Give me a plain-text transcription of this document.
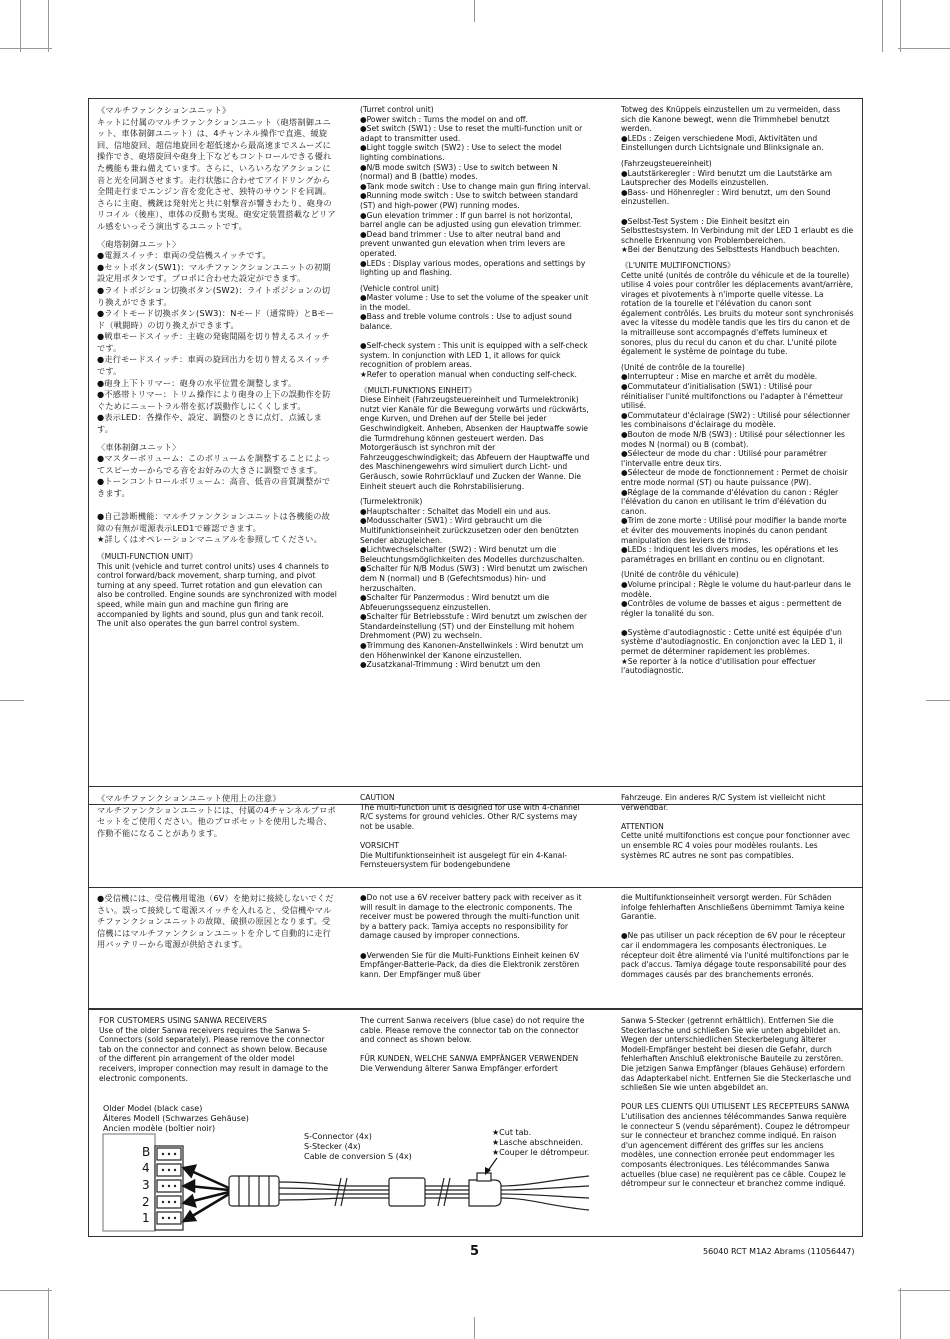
《マルチファンクションユニット》
キットに付属のマルチファンクションユニット（砲塔制御ユニット、車体制御ユニット）は、4チャンネル操作で直進、緩旋回、信地旋回、超信地旋回を超低速から最高速までスムーズに操作でき、砲塔旋回や砲身上下などもコントロールできる優れた機能も兼ね備えています。さらに、いろいろなアクションに音と光を同調させます。走行状態に合わせてアイドリングから全開走行までエンジン音を変化させ、独特のサウンドを同調。さらに主砲、機銃は発射光と共に射撃音が響きわたり、砲身のリコイル（後座）、車体の反動も実現。砲安定装置搭載などリアル感をいっそう演出するユニットです。

〈砲塔制御ユニット〉
●電源スイッチ：車両の受信機スイッチです。
●セットボタン(SW1)：マルチファンクションユニットの初期設定用ボタンです。プロポに合わせた設定ができます。
●ライトポジション切換ボタン(SW2)：ライトポジションの切り換えができます。
●ライトモード切換ボタン(SW3)：Nモード（通常時）とBモード（戦闘時）の切り換えができます。
●戦車モードスイッチ：主砲の発砲間隔を切り替えるスイッチです。
●走行モードスイッチ：車両の旋回出力を切り替えるスイッチです。
●砲身上下トリマー：砲身の水平位置を調整します。
●不感帯トリマー：トリム操作により砲身の上下の誤動作を防ぐためにニュートラル帯を拡げ誤動作しにくくします。
●表示LED：各操作や、設定、調整のときに点灯、点滅します。

〈車体制御ユニット〉
●マスターボリューム：このボリュームを調整することによってスピーカーからでる音をお好みの大きさに調整できます。
●トーンコントロールボリューム：高音、低音の音質調整ができます。

●自己診断機能：マルチファンクションユニットは各機能の故障の有無が電源表示LED1で確認できます。
★詳しくはオペレーションマニュアルを参照してください。

《MULTI-FUNCTION UNIT》
This unit (vehicle and turret control units) uses 4 channels to control forward/back movement, sharp turning, and pivot turning at any speed. Turret rotation and gun elevation can also be controlled. Engine sounds are synchronized with model speed, while main gun and machine gun firing are accompanied by lights and sound, plus gun and tank recoil. The unit also operates the gun barrel control system.

(Turret control unit)
●Power switch : Turns the model on and off.
●Set switch (SW1) : Use to reset the multi-function unit or adapt to transmitter used.
●Light toggle switch (SW2) : Use to select the model lighting combinations.
●N/B mode switch (SW3) : Use to switch between N (normal) and B (battle) modes.
●Tank mode switch : Use to change main gun firing interval.
●Running mode switch : Use to switch between standard (ST) and high-power (PW) running modes.
●Gun elevation trimmer : If gun barrel is not horizontal, barrel angle can be adjusted using gun elevation trimmer.
●Dead band trimmer : Use to alter neutral band and prevent unwanted gun elevation when trim levers are operated.
●LEDs : Display various modes, operations and settings by lighting up and flashing.

(Vehicle control unit)
●Master volume : Use to set the volume of the speaker unit in the model.
●Bass and treble volume controls : Use to adjust sound balance.

●Self-check system : This unit is equipped with a self-check system. In conjunction with LED 1, it allows for quick recognition of problem areas.
★Refer to operation manual when conducting self-check.

《MULTI-FUNKTIONS EINHEIT》
Diese Einheit (Fahrzeugsteuereinheit und Turmelektronik) nutzt vier Kanäle für die Bewegung vorwärts und rückwärts, enge Kurven, und Drehen auf der Stelle bei jeder Geschwindigkeit. Anheben, Absenken der Hauptwaffe sowie die Turmdrehung können gesteuert werden. Das Motorgeräusch ist synchron mit der Fahrzeuggeschwindigkeit; das Abfeuern der Hauptwaffe und des Maschinengewehrs wird simuliert durch Licht- und Geräusch, sowie Rohrrücklauf und Zucken der Wanne. Die Einheit steuert auch die Rohrstabilisierung.

(Turmelektronik)
●Hauptschalter : Schaltet das Modell ein und aus.
●Modusschalter (SW1) : Wird gebraucht um die Multifunktionseinheit zurückzusetzen oder den benützten Sender abzugleichen.
●Lichtwechselschalter (SW2) : Wird benutzt um die Beleuchtungsmöglichkeiten des Modelles durchzuschalten.
●Schalter für N/B Modus (SW3) : Wird benutzt um zwischen dem N (normal) und B (Gefechtsmodus) hin- und herzuschalten.
●Schalter für Panzermodus : Wird benutzt um die Abfeuerungssequenz einzustellen.
●Schalter für Betriebsstufe : Wird benutzt um zwischen der Standardeinstellung (ST) und der Einstellung mit hohem Drehmoment (PW) zu wechseln.
●Trimmung des Kanonen-Anstellwinkels : Wird benutzt um den Höhenwinkel der Kanone einzustellen.
●Zusatzkanal-Trimmung : Wird benutzt um den

Totweg des Knüppels einzustellen um zu vermeiden, dass sich die Kanone bewegt, wenn die Trimmhebel benutzt werden.
●LEDs : Zeigen verschiedene Modi, Aktivitäten und Einstellungen durch Lichtsignale und Blinksignale an.

(Fahrzeugsteuereinheit)
●Lautstärkeregler : Wird benutzt um die Lautstärke am Lautsprecher des Modells einzustellen.
●Bass- und Höhenregler : Wird benutzt, um den Sound einzustellen.

●Selbst-Test System : Die Einheit besitzt ein Selbsttestsystem. In Verbindung mit der LED 1 erlaubt es die schnelle Erkennung von Problembereichen.
★Bei der Benutzung des Selbsttests Handbuch beachten.

《L'UNITE MULTIFONCTIONS》
Cette unité (unités de contrôle du véhicule et de la tourelle) utilise 4 voies pour contrôler les déplacements avant/arrière, virages et pivotements à n'importe quelle vitesse. La rotation de la tourelle et l'élévation du canon sont également contrôlés. Les bruits du moteur sont synchronisés avec la vitesse du modèle tandis que les tirs du canon et de la mitrailleuse sont accompagnés d'effets lumineux et sonores, plus du recul du canon et du char. L'unité pilote également le système de pointage du tube.

(Unité de contrôle de la tourelle)
●Interrupteur : Mise en marche et arrêt du modèle.
●Commutateur d'initialisation (SW1) : Utilisé pour réinitialiser l'unité multifonctions ou l'adapter à l'émetteur utilisé.
●Commutateur d'éclairage (SW2) : Utilisé pour sélectionner les combinaisons d'éclairage du modèle.
●Bouton de mode N/B (SW3) : Utilisé pour sélectionner les modes N (normal) ou B (combat).
●Sélecteur de mode du char : Utilisé pour paramétrer l'intervalle entre deux tirs.
●Sélecteur de mode de fonctionnement : Permet de choisir entre mode normal (ST) ou haute puissance (PW).
●Réglage de la commande d'élévation du canon : Régler l'élévation du canon en utilisant le trim d'élévation du canon.
●Trim de zone morte : Utilisé pour modifier la bande morte et éviter des mouvements inopinés du canon pendant manipulation des leviers de trims.
●LEDs : Indiquent les divers modes, les opérations et les paramétrages en brillant en continu ou en clignotant.

(Unité de contrôle du véhicule)
●Volume principal : Règle le volume du haut-parleur dans le modèle.
●Contrôles de volume de basses et aigus : permettent de régler la tonalité du son.

●Système d'autodiagnostic : Cette unité est équipée d'un système d'autodiagnostic. En conjonction avec la LED 1, il permet de déterminer rapidement les problèmes.
★Se reporter à la notice d'utilisation pour effectuer l'autodiagnostic.

《マルチファンクションユニット使用上の注意》
マルチファンクションユニットには、付属の4チャンネルプロポセットをご使用ください。他のプロポセットを使用した場合、作動不能になることがあります。

CAUTION
The multi-function unit is designed for use with 4-channel R/C systems for ground vehicles. Other R/C systems may not be usable.

VORSICHT
Die Multifunktionseinheit ist ausgelegt für ein 4-Kanal-Fernsteuersystem für bodengebundene

Fahrzeuge. Ein anderes R/C System ist vielleicht nicht verwendbar.

ATTENTION
Cette unité multifonctions est conçue pour fonctionner avec un ensemble RC 4 voies pour modèles roulants. Les systèmes RC autres ne sont pas compatibles.

●受信機には、受信機用電池（6V）を絶対に接続しないでください。誤って接続して電源スイッチを入れると、受信機やマルチファンクションユニットの故障、破損の原因となります。受信機にはマルチファンクションユニットを介して自動的に走行用バッテリーから電源が供給されます。

●Do not use a 6V receiver battery pack with receiver as it will result in damage to the electronic components. The receiver must be powered through the multi-function unit by a battery pack. Tamiya accepts no responsibility for damage caused by improper connections.

●Verwenden Sie für die Multi-Funktions Einheit keinen 6V Empfänger-Batterie-Pack, da dies die Elektronik zerstören kann. Der Empfänger muß über

die Multifunktionseinheit versorgt werden. Für Schäden infolge fehlerhaften Anschließens übernimmt Tamiya keine Garantie.

●Ne pas utiliser un pack réception de 6V pour le récepteur car il endommagera les composants électroniques. Le récepteur doit être alimenté via l'unité multifonctions par le pack d'accus. Tamiya dégage toute responsabilité pour des dommages causés par des branchements erronés.

FOR CUSTOMERS USING SANWA RECEIVERS
Use of the older Sanwa receivers requires the Sanwa S-Connectors (sold separately). Please remove the connector tab on the connector and connect as shown below. Because of the different pin arrangement of the older model receivers, improper connection may result in damage to the electronic components.

The current Sanwa receivers (blue case) do not require the cable. Please remove the connector tab on the connector and connect as shown below.

FÜR KUNDEN, WELCHE SANWA EMPFÄNGER VERWENDEN
Die Verwendung älterer Sanwa Empfänger erfordert

Sanwa S-Stecker (getrennt erhältlich). Entfernen Sie die Steckerlasche und schließen Sie wie unten abgebildet an. Wegen der unterschiedlichen Steckerbelegung älterer Modell-Empfänger besteht bei diesen die Gefahr, durch fehlerhaften Anschluß elektronische Bauteile zu zerstören.
Die jetzigen Sanwa Empfänger (blaues Gehäuse) erfordern das Adapterkabel nicht. Entfernen Sie die Steckerlasche und schließen Sie wie unten abgebildet an.

POUR LES CLIENTS QUI UTILISENT LES RECEPTEURS SANWA
L'utilisation des anciennes télécommandes Sanwa requière le connecteur S (vendu séparément). Coupez le détrompeur sur le connecteur et branchez comme indiqué. En raison d'un agencement différent des griffes sur les anciens modèles, une connection erronée peut endommager les composants électroniques. Les télécommandes Sanwa actuelles (blue case) ne requièrent pas ce câble. Coupez le détrompeur sur le connecteur et branchez comme indiqué.

Older Model (black case)
Älteres Modell (Schwarzes Gehäuse)
Ancien modèle (boîtier noir)
S-Connector (4x)
S-Stecker (4x)
Cable de conversion S (4x)
★Cut tab.
★Lasche abschneiden.
★Couper le détrompeur.
B
4
3
2
1
5	56040 RCT M1A2 Abrams (11056447)
